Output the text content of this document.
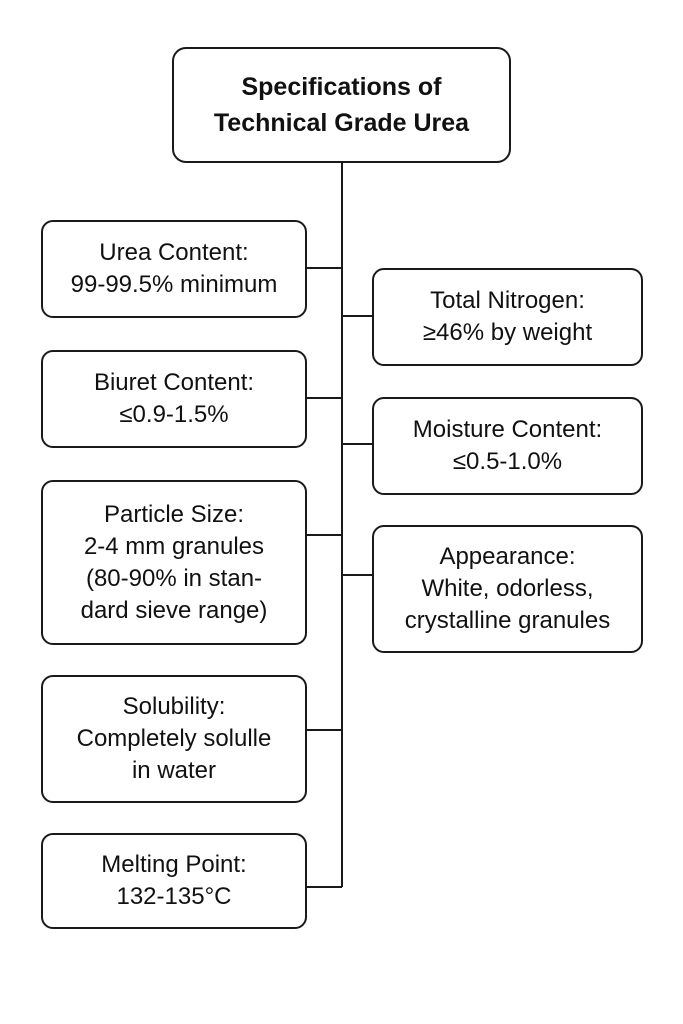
Specifications of
Technical Grade Urea
Urea Content:
99-99.5% minimum
Biuret Content:
≤0.9-1.5%
Particle Size:
2-4 mm granules
(80-90% in stan-
dard sieve range)
Solubility:
Completely solulle
in water
Melting Point:
132-135°C
Total Nitrogen:
≥46% by weight
Moisture Content:
≤0.5-1.0%
Appearance:
White, odorless,
crystalline granules
